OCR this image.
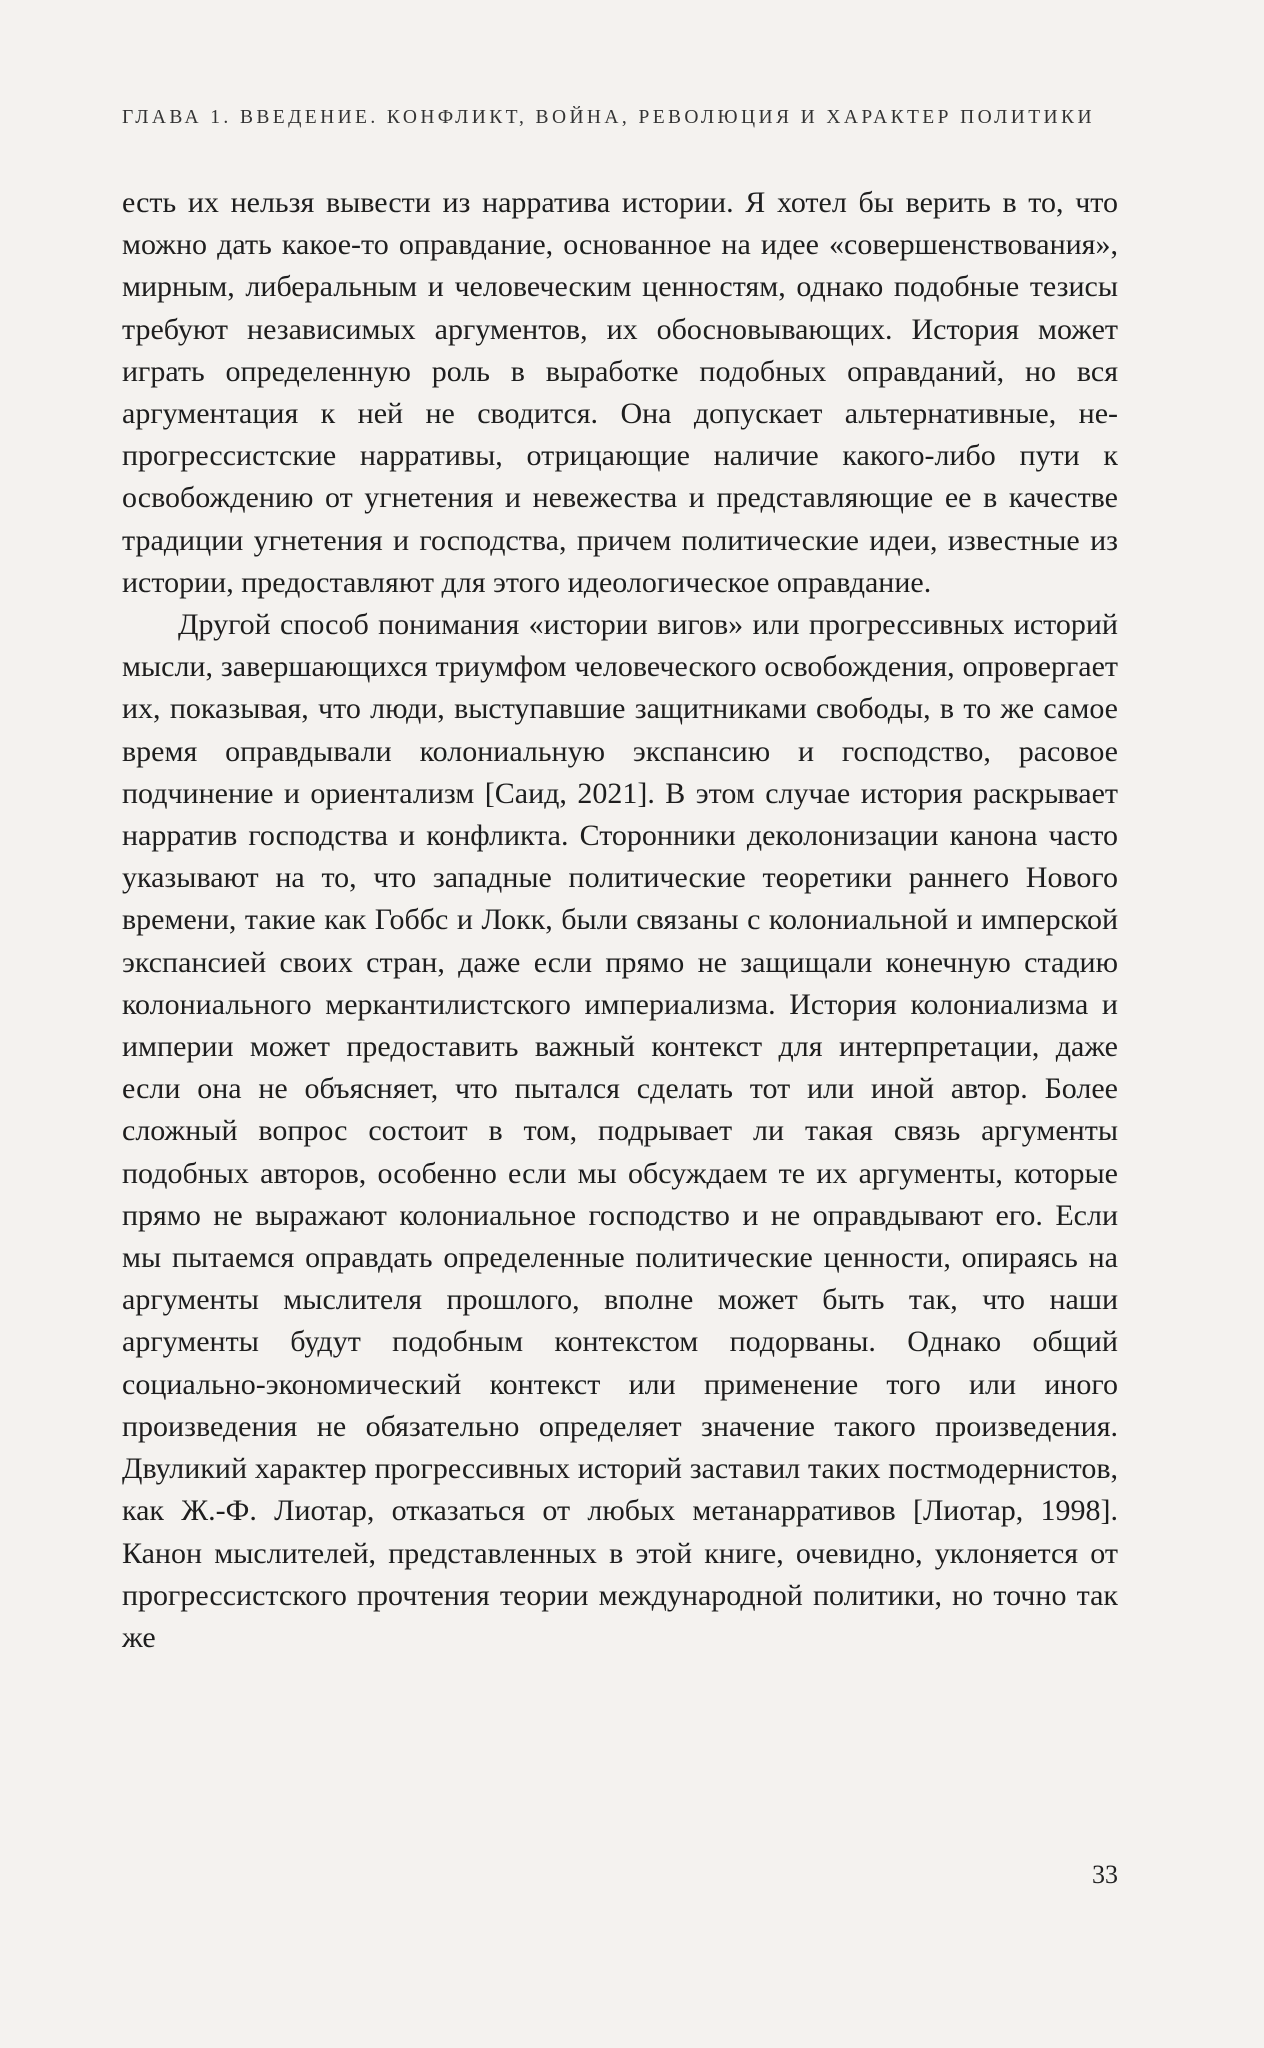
ГЛАВА 1. ВВЕДЕНИЕ. КОНФЛИКТ, ВОЙНА, РЕВОЛЮЦИЯ И ХАРАКТЕР ПОЛИТИКИ

есть их нельзя вывести из нарратива истории. Я хотел бы верить в то, что можно дать какое-то оправдание, основанное на идее «совершенствования», мирным, либеральным и человеческим ценностям, однако подобные тезисы требуют независимых аргументов, их обосновывающих. История может играть определенную роль в выработке подобных оправданий, но вся аргументация к ней не сводится. Она допускает альтернативные, не-прогрессистские нарративы, отрицающие наличие какого-либо пути к освобождению от угнетения и невежества и представляющие ее в качестве традиции угнетения и господства, причем политические идеи, известные из истории, предоставляют для этого идеологическое оправдание.

Другой способ понимания «истории вигов» или прогрессивных историй мысли, завершающихся триумфом человеческого освобождения, опровергает их, показывая, что люди, выступавшие защитниками свободы, в то же самое время оправдывали колониальную экспансию и господство, расовое подчинение и ориентализм [Саид, 2021]. В этом случае история раскрывает нарратив господства и конфликта. Сторонники деколонизации канона часто указывают на то, что западные политические теоретики раннего Нового времени, такие как Гоббс и Локк, были связаны с колониальной и имперской экспансией своих стран, даже если прямо не защищали конечную стадию колониального меркантилистского империализма. История колониализма и империи может предоставить важный контекст для интерпретации, даже если она не объясняет, что пытался сделать тот или иной автор. Более сложный вопрос состоит в том, подрывает ли такая связь аргументы подобных авторов, особенно если мы обсуждаем те их аргументы, которые прямо не выражают колониальное господство и не оправдывают его. Если мы пытаемся оправдать определенные политические ценности, опираясь на аргументы мыслителя прошлого, вполне может быть так, что наши аргументы будут подобным контекстом подорваны. Однако общий социально-экономический контекст или применение того или иного произведения не обязательно определяет значение такого произведения. Двуликий характер прогрессивных историй заставил таких постмодернистов, как Ж.-Ф. Лиотар, отказаться от любых метанарративов [Лиотар, 1998]. Канон мыслителей, представленных в этой книге, очевидно, уклоняется от прогрессистского прочтения теории международной политики, но точно так же

33
